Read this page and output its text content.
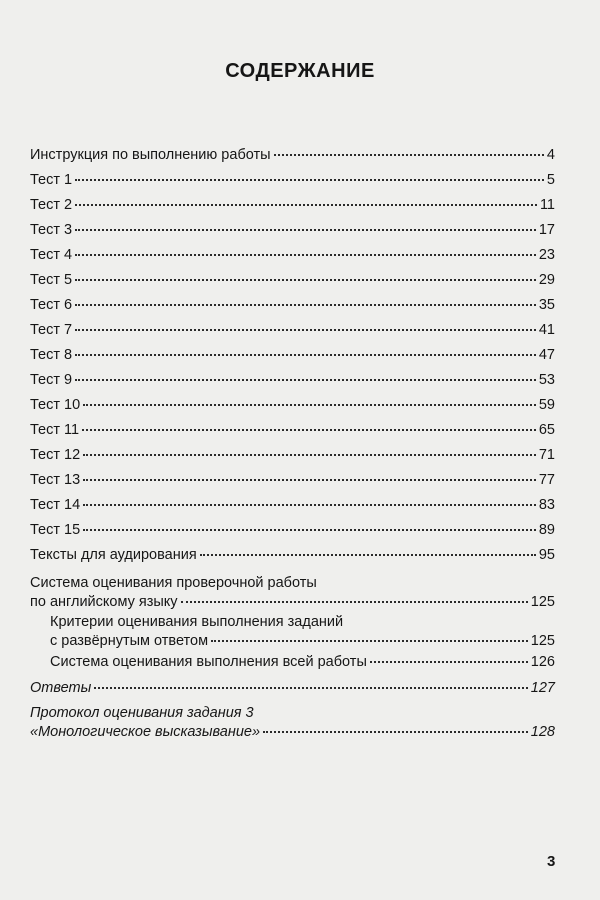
СОДЕРЖАНИЕ
Инструкция по выполнению работы	4
Тест 1	5
Тест 2	11
Тест 3	17
Тест 4	23
Тест 5	29
Тест 6	35
Тест 7	41
Тест 8	47
Тест 9	53
Тест 10	59
Тест 11	65
Тест 12	71
Тест 13	77
Тест 14	83
Тест 15	89
Тексты для аудирования	95
Система оценивания проверочной работы
по английскому языку	125
Критерии оценивания выполнения заданий
с развёрнутым ответом	125
Система оценивания выполнения всей работы	126
Ответы	127
Протокол оценивания задания 3
«Монологическое высказывание»	128
3
